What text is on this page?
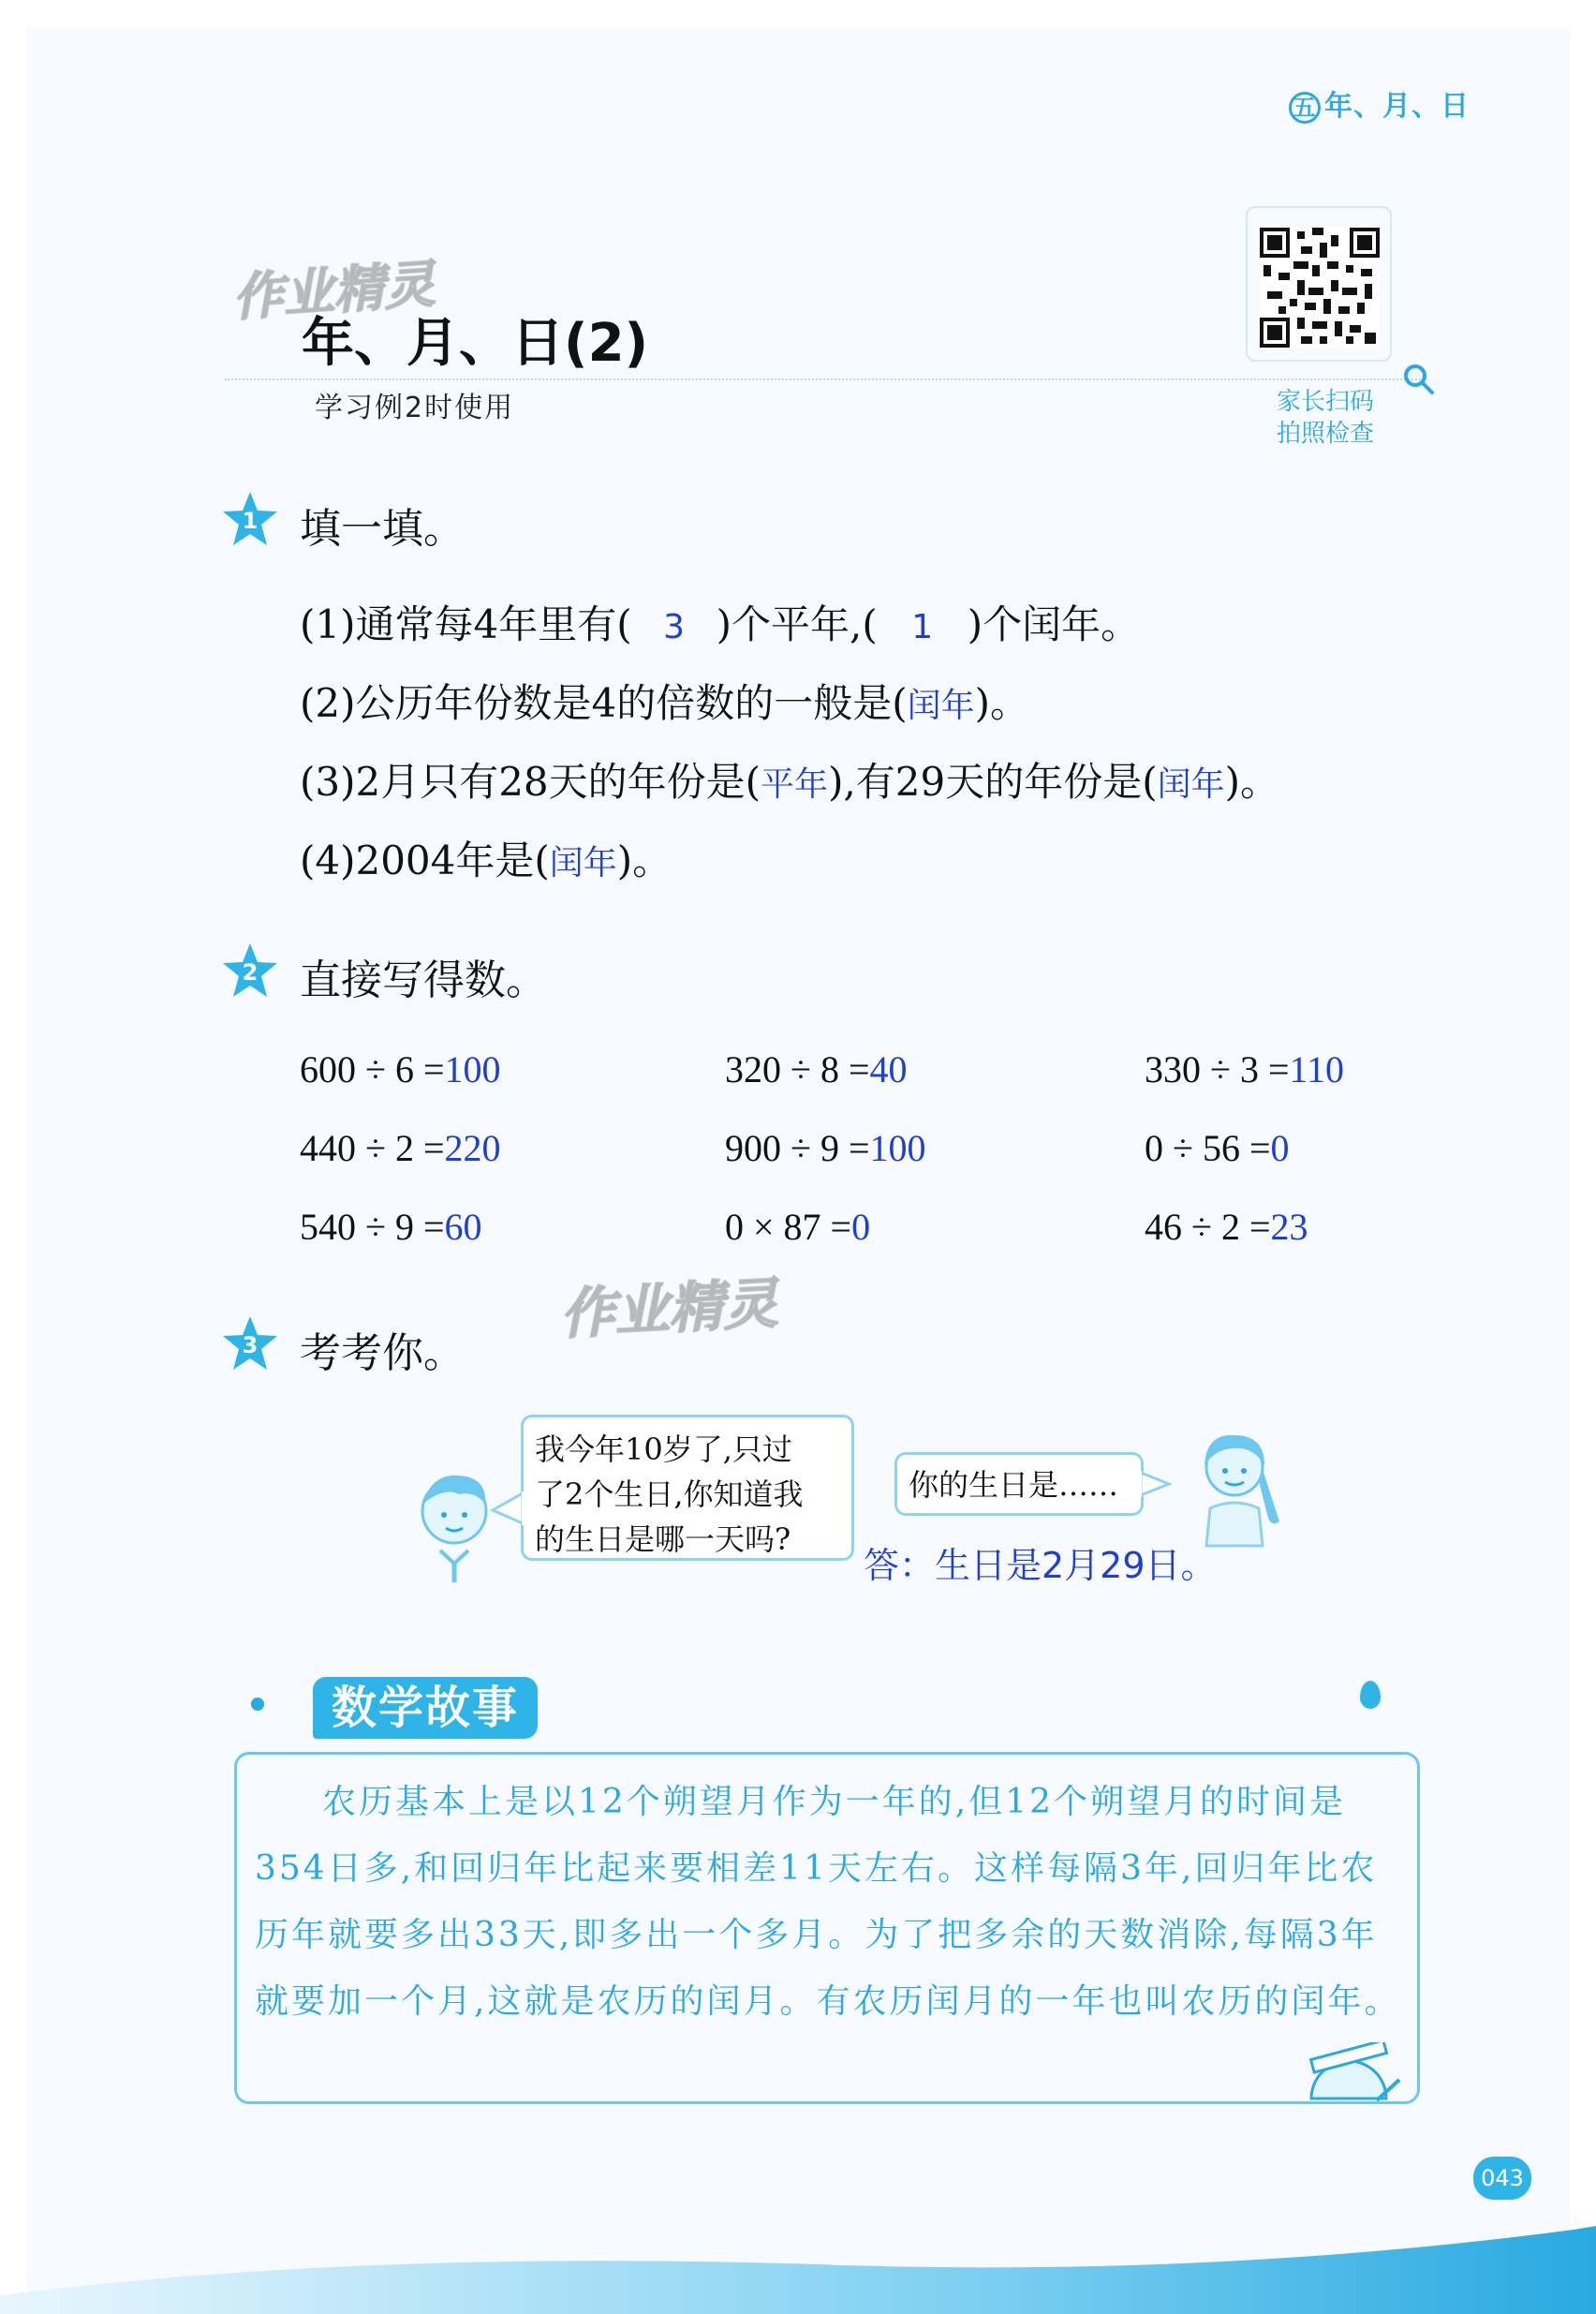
五 年、月、日
作业精灵
年、月、日(2)
学习例2时使用	家长扫码
拍照检查
1 填一填。
(1)通常每4年里有( 3 )个平年,( 1 )个闰年。
(2)公历年份数是4的倍数的一般是(闰年)。
(3)2月只有28天的年份是(平年),有29天的年份是(闰年)。
(4)2004年是(闰年)。
2 直接写得数。
600 ÷ 6 =100	320 ÷ 8 =40	330 ÷ 3 =110
440 ÷ 2 =220	900 ÷ 9 =100	0 ÷ 56 =0
540 ÷ 9 =60	0 × 87 =0	46 ÷ 2 =23
作业精灵
3 考考你。
我今年10岁了,只过
了2个生日,你知道我
的生日是哪一天吗?
你的生日是……
答：生日是2月29日。
数学故事
农历基本上是以12个朔望月作为一年的,但12个朔望月的时间是354日多,和回归年比起来要相差11天左右。这样每隔3年,回归年比农历年就要多出33天,即多出一个多月。为了把多余的天数消除,每隔3年就要加一个月,这就是农历的闰月。有农历闰月的一年也叫农历的闰年。
043
